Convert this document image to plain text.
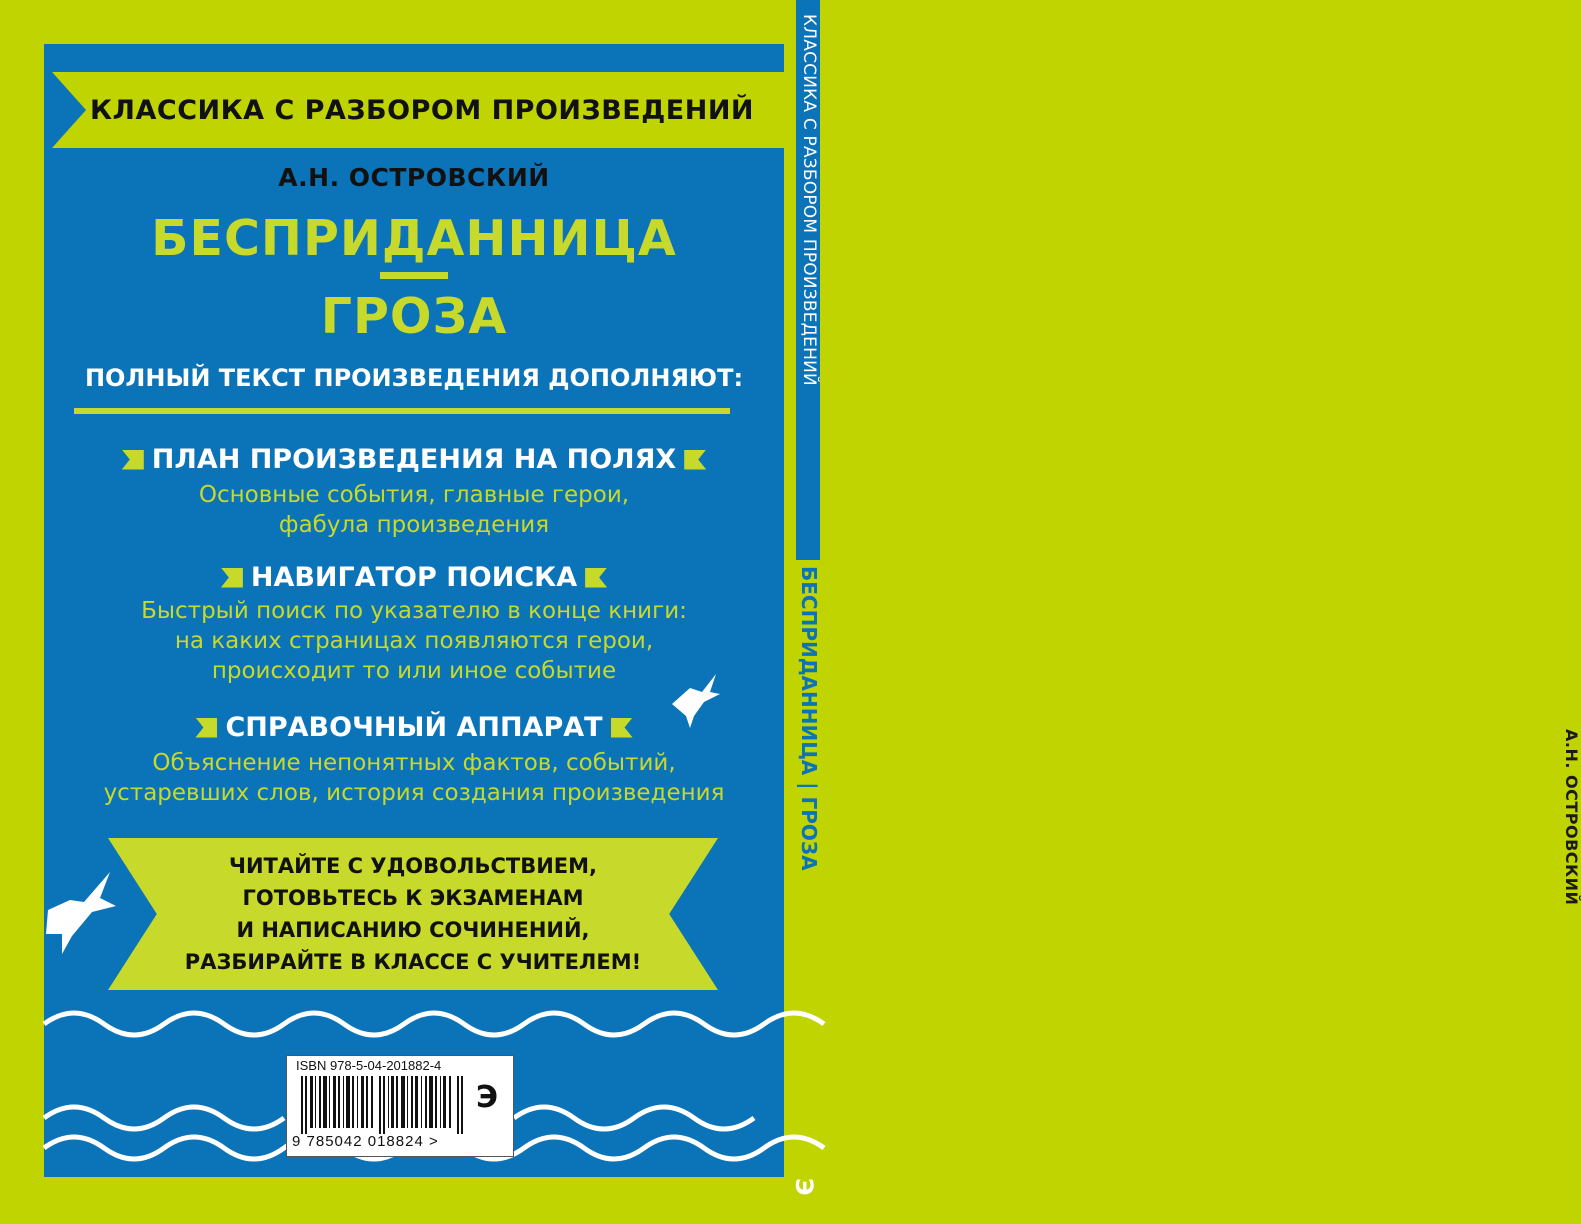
КЛАССИКА С РАЗБОРОМ ПРОИЗВЕДЕНИЙ
БЕСПРИДАННИЦА | ГРОЗА	А.Н. ОСТРОВСКИЙ
Э
КЛАССИКА С РАЗБОРОМ ПРОИЗВЕДЕНИЙ
А.Н. ОСТРОВСКИЙ
БЕСПРИДАННИЦА
ГРОЗА
ПОЛНЫЙ ТЕКСТ ПРОИЗВЕДЕНИЯ ДОПОЛНЯЮТ:
ПЛАН ПРОИЗВЕДЕНИЯ НА ПОЛЯХ
Основные события, главные герои,
фабула произведения
НАВИГАТОР ПОИСКА
Быстрый поиск по указателю в конце книги:
на каких страницах появляются герои,
происходит то или иное событие
СПРАВОЧНЫЙ АППАРАТ
Объяснение непонятных фактов, событий,
устаревших слов, история создания произведения
ЧИТАЙТЕ С УДОВОЛЬСТВИЕМ,
ГОТОВЬТЕСЬ К ЭКЗАМЕНАМ
И НАПИСАНИЮ СОЧИНЕНИЙ,
РАЗБИРАЙТЕ В КЛАССЕ С УЧИТЕЛЕМ!
ISBN 978-5-04-201882-4
9 785042 018824 >
Э
